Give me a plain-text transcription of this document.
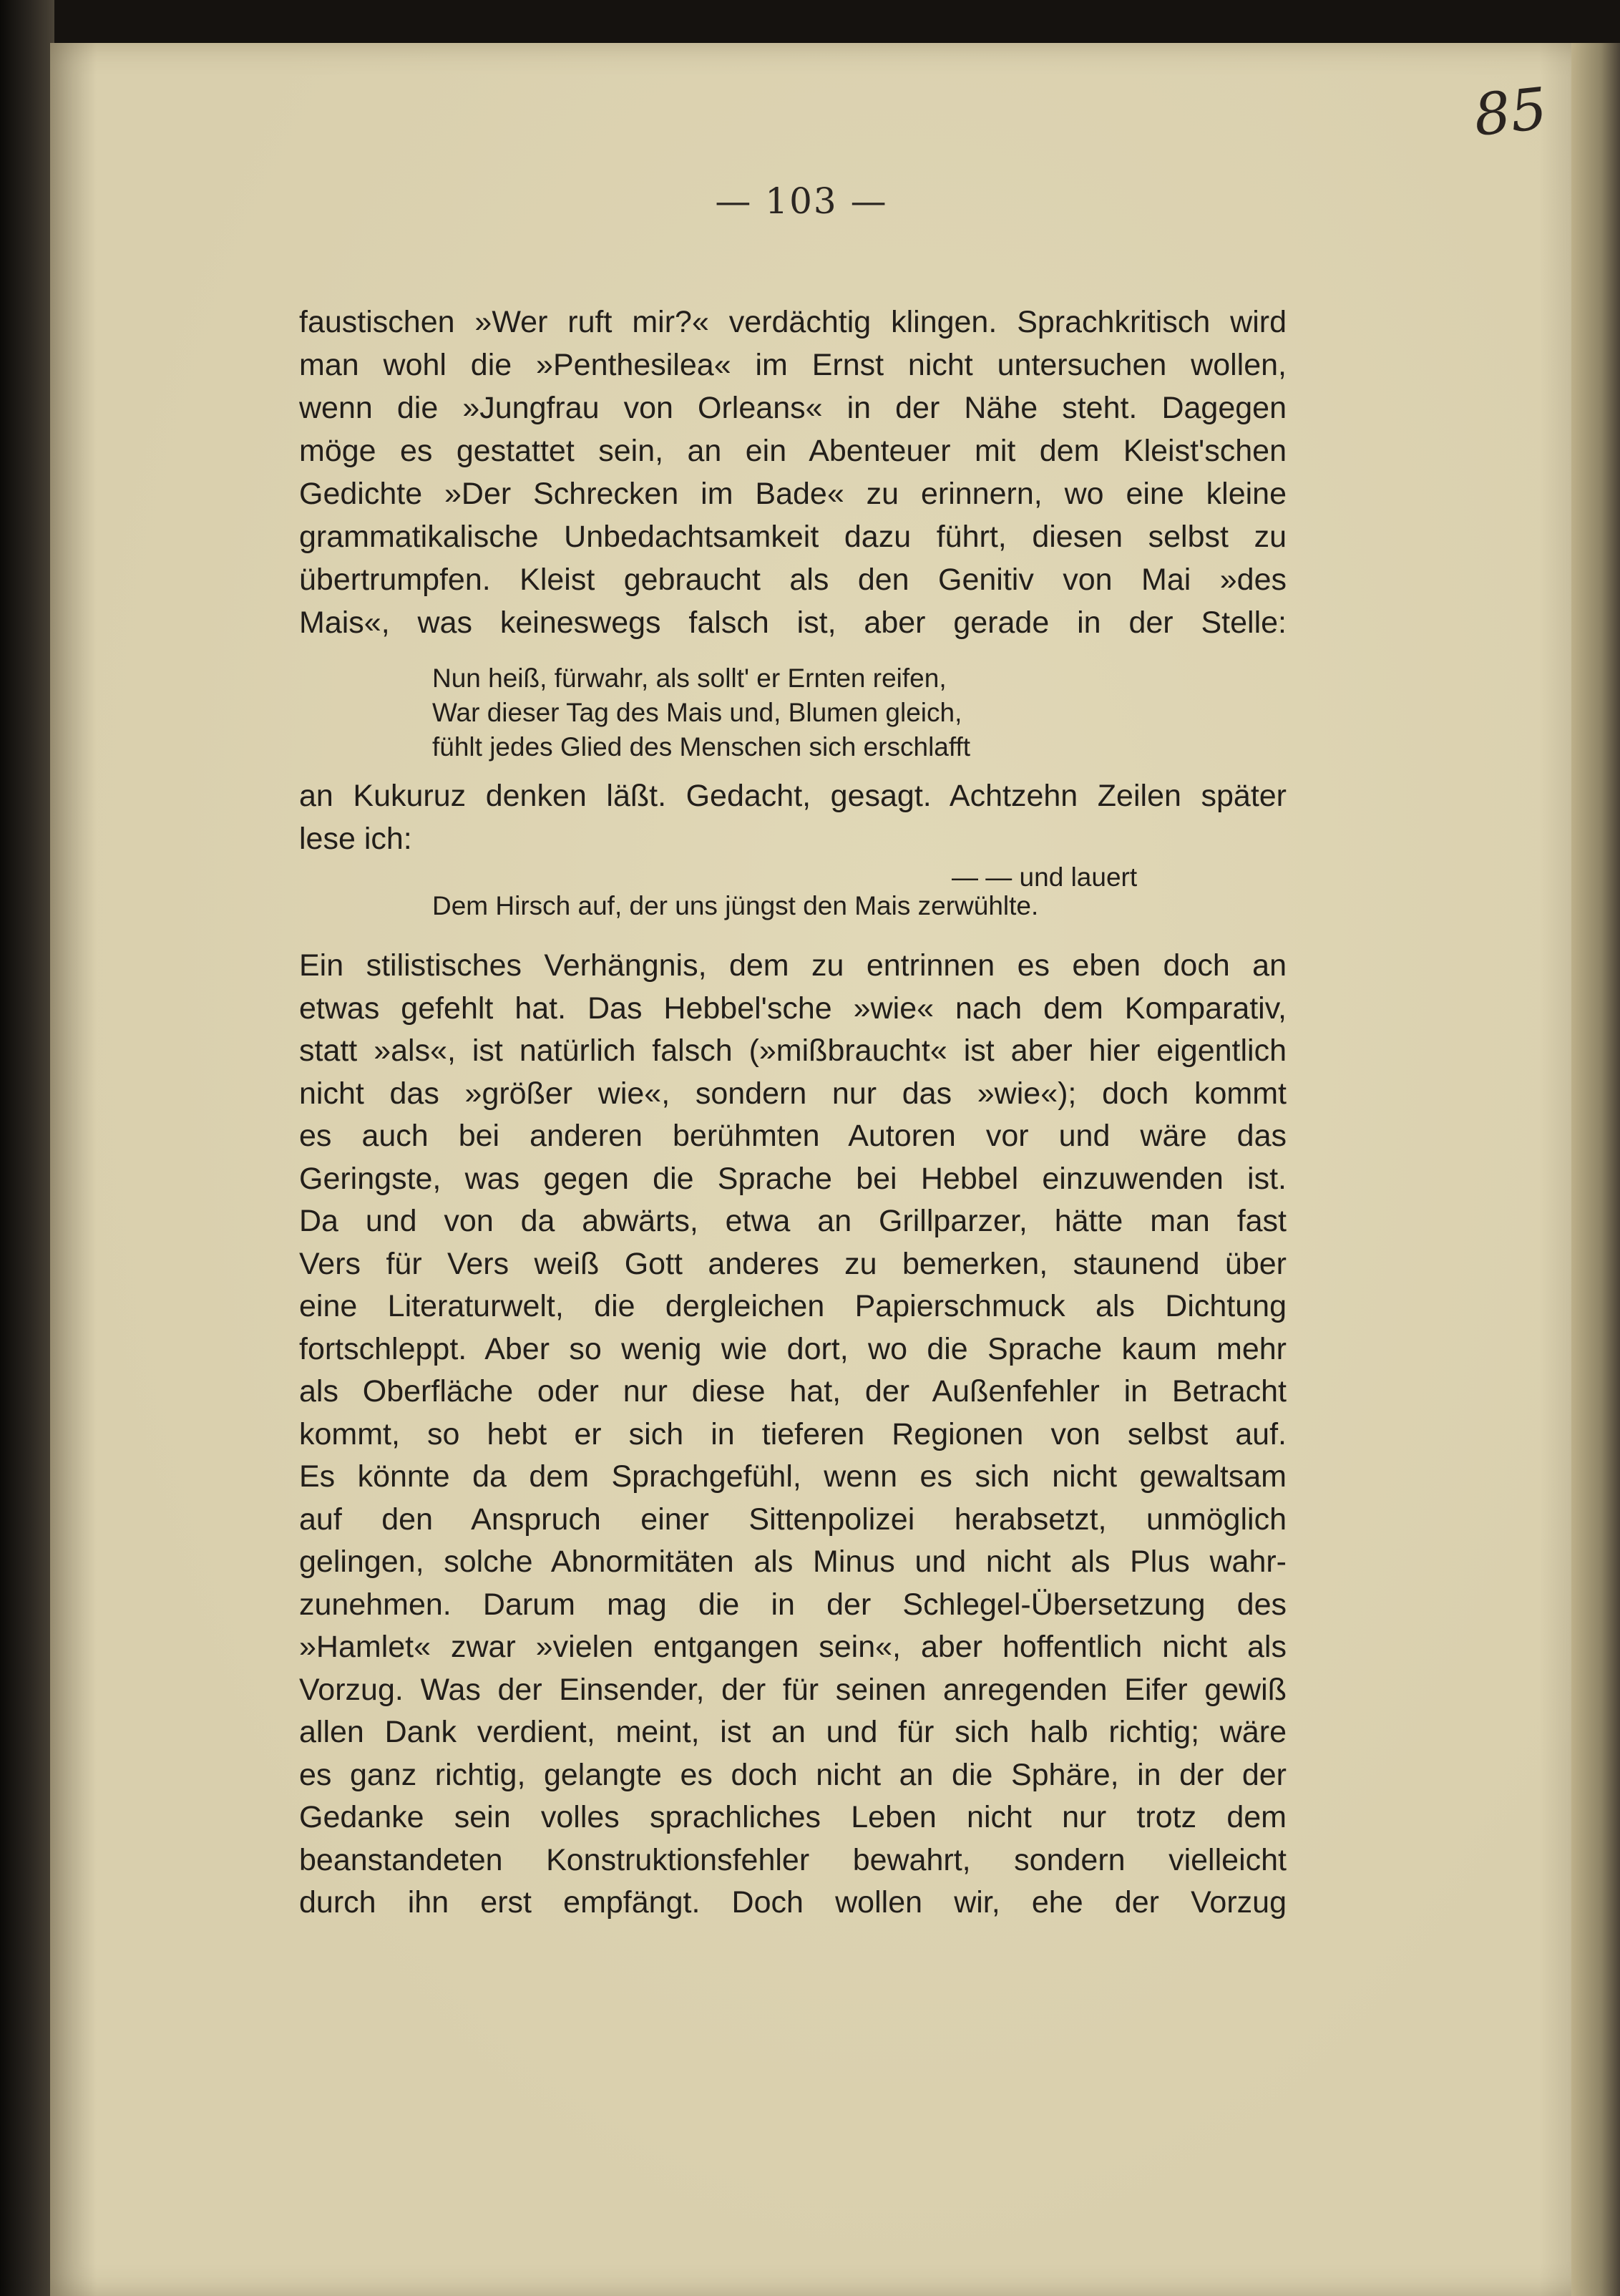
85
— 103 —
faustischen »Wer ruft mir?« verdächtig klingen. Sprachkritisch wird
man wohl die »Penthesilea« im Ernst nicht untersuchen wollen,
wenn die »Jungfrau von Orleans« in der Nähe steht. Dagegen
möge es gestattet sein, an ein Abenteuer mit dem Kleist'schen
Gedichte »Der Schrecken im Bade« zu erinnern, wo eine kleine
grammatikalische Unbedachtsamkeit dazu führt, diesen selbst zu
übertrumpfen. Kleist gebraucht als den Genitiv von Mai »des
Mais«, was keineswegs falsch ist, aber gerade in der Stelle:
Nun heiß, fürwahr, als sollt' er Ernten reifen,
War dieser Tag des Mais und, Blumen gleich,
fühlt jedes Glied des Menschen sich erschlafft
an Kukuruz denken läßt. Gedacht, gesagt. Achtzehn Zeilen später
lese ich:
— — und lauert
Dem Hirsch auf, der uns jüngst den Mais zerwühlte.
Ein stilistisches Verhängnis, dem zu entrinnen es eben doch an
etwas gefehlt hat. Das Hebbel'sche »wie« nach dem Komparativ,
statt »als«, ist natürlich falsch (»mißbraucht« ist aber hier eigentlich
nicht das »größer wie«, sondern nur das »wie«); doch kommt
es auch bei anderen berühmten Autoren vor und wäre das
Geringste, was gegen die Sprache bei Hebbel einzuwenden ist.
Da und von da abwärts, etwa an Grillparzer, hätte man fast
Vers für Vers weiß Gott anderes zu bemerken, staunend über
eine Literaturwelt, die dergleichen Papierschmuck als Dichtung
fortschleppt. Aber so wenig wie dort, wo die Sprache kaum mehr
als Oberfläche oder nur diese hat, der Außenfehler in Betracht
kommt, so hebt er sich in tieferen Regionen von selbst auf.
Es könnte da dem Sprachgefühl, wenn es sich nicht gewaltsam
auf den Anspruch einer Sittenpolizei herabsetzt, unmöglich
gelingen, solche Abnormitäten als Minus und nicht als Plus wahr-
zunehmen. Darum mag die in der Schlegel-Übersetzung des
»Hamlet« zwar »vielen entgangen sein«, aber hoffentlich nicht als
Vorzug. Was der Einsender, der für seinen anregenden Eifer gewiß
allen Dank verdient, meint, ist an und für sich halb richtig; wäre
es ganz richtig, gelangte es doch nicht an die Sphäre, in der der
Gedanke sein volles sprachliches Leben nicht nur trotz dem
beanstandeten Konstruktionsfehler bewahrt, sondern vielleicht
durch ihn erst empfängt. Doch wollen wir, ehe der Vorzug
